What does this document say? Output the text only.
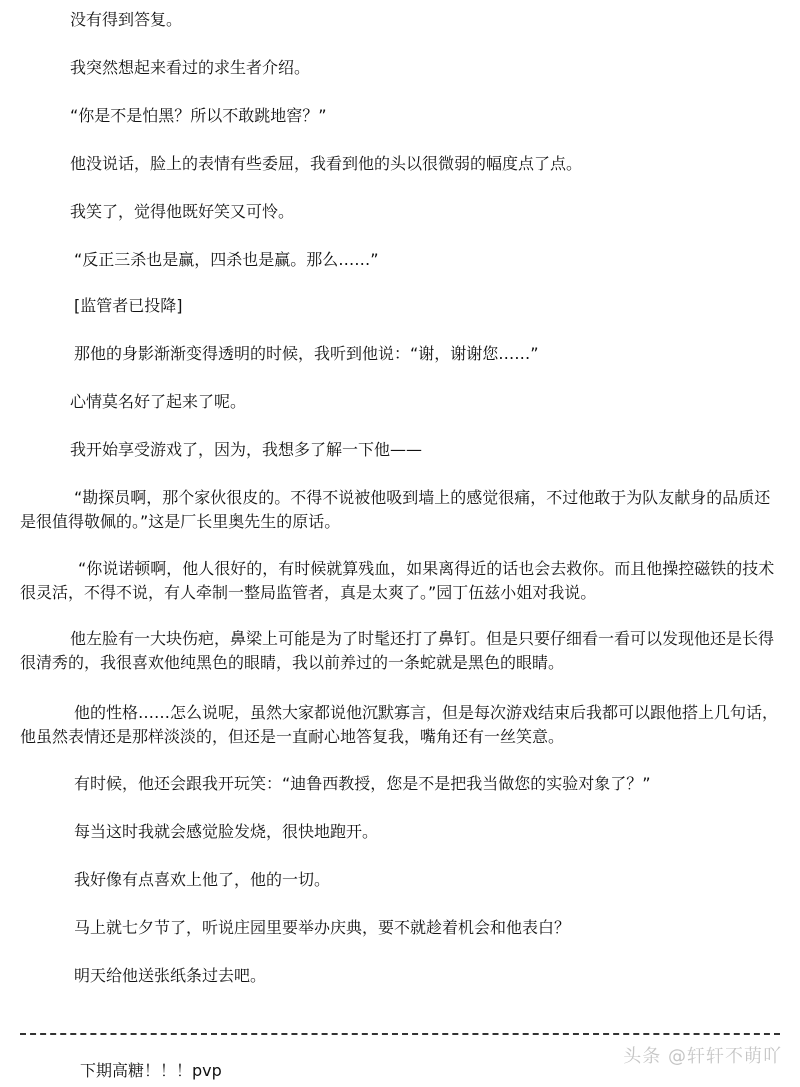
没有得到答复。

我突然想起来看过的求生者介绍。

“你是不是怕黑？所以不敢跳地窖？”

他没说话，脸上的表情有些委屈，我看到他的头以很微弱的幅度点了点。

我笑了，觉得他既好笑又可怜。

“反正三杀也是赢，四杀也是赢。那么……”

[监管者已投降]

那他的身影渐渐变得透明的时候，我听到他说：“谢，谢谢您……”

心情莫名好了起来了呢。

我开始享受游戏了，因为，我想多了解一下他——

“勘探员啊，那个家伙很皮的。不得不说被他吸到墙上的感觉很痛，不过他敢于为队友献身的品质还是很值得敬佩的。”这是厂长里奥先生的原话。

“你说诺顿啊，他人很好的，有时候就算残血，如果离得近的话也会去救你。而且他操控磁铁的技术很灵活，不得不说，有人牵制一整局监管者，真是太爽了。”园丁伍兹小姐对我说。

他左脸有一大块伤疤，鼻梁上可能是为了时髦还打了鼻钉。但是只要仔细看一看可以发现他还是长得很清秀的，我很喜欢他纯黑色的眼睛，我以前养过的一条蛇就是黑色的眼睛。

他的性格……怎么说呢，虽然大家都说他沉默寡言，但是每次游戏结束后我都可以跟他搭上几句话，他虽然表情还是那样淡淡的，但还是一直耐心地答复我，嘴角还有一丝笑意。

有时候，他还会跟我开玩笑：“迪鲁西教授，您是不是把我当做您的实验对象了？”

每当这时我就会感觉脸发烧，很快地跑开。

我好像有点喜欢上他了，他的一切。

马上就七夕节了，听说庄园里要举办庆典，要不就趁着机会和他表白？

明天给他送张纸条过去吧。

下期高糖！！！pvp
头条 @轩轩不萌吖
